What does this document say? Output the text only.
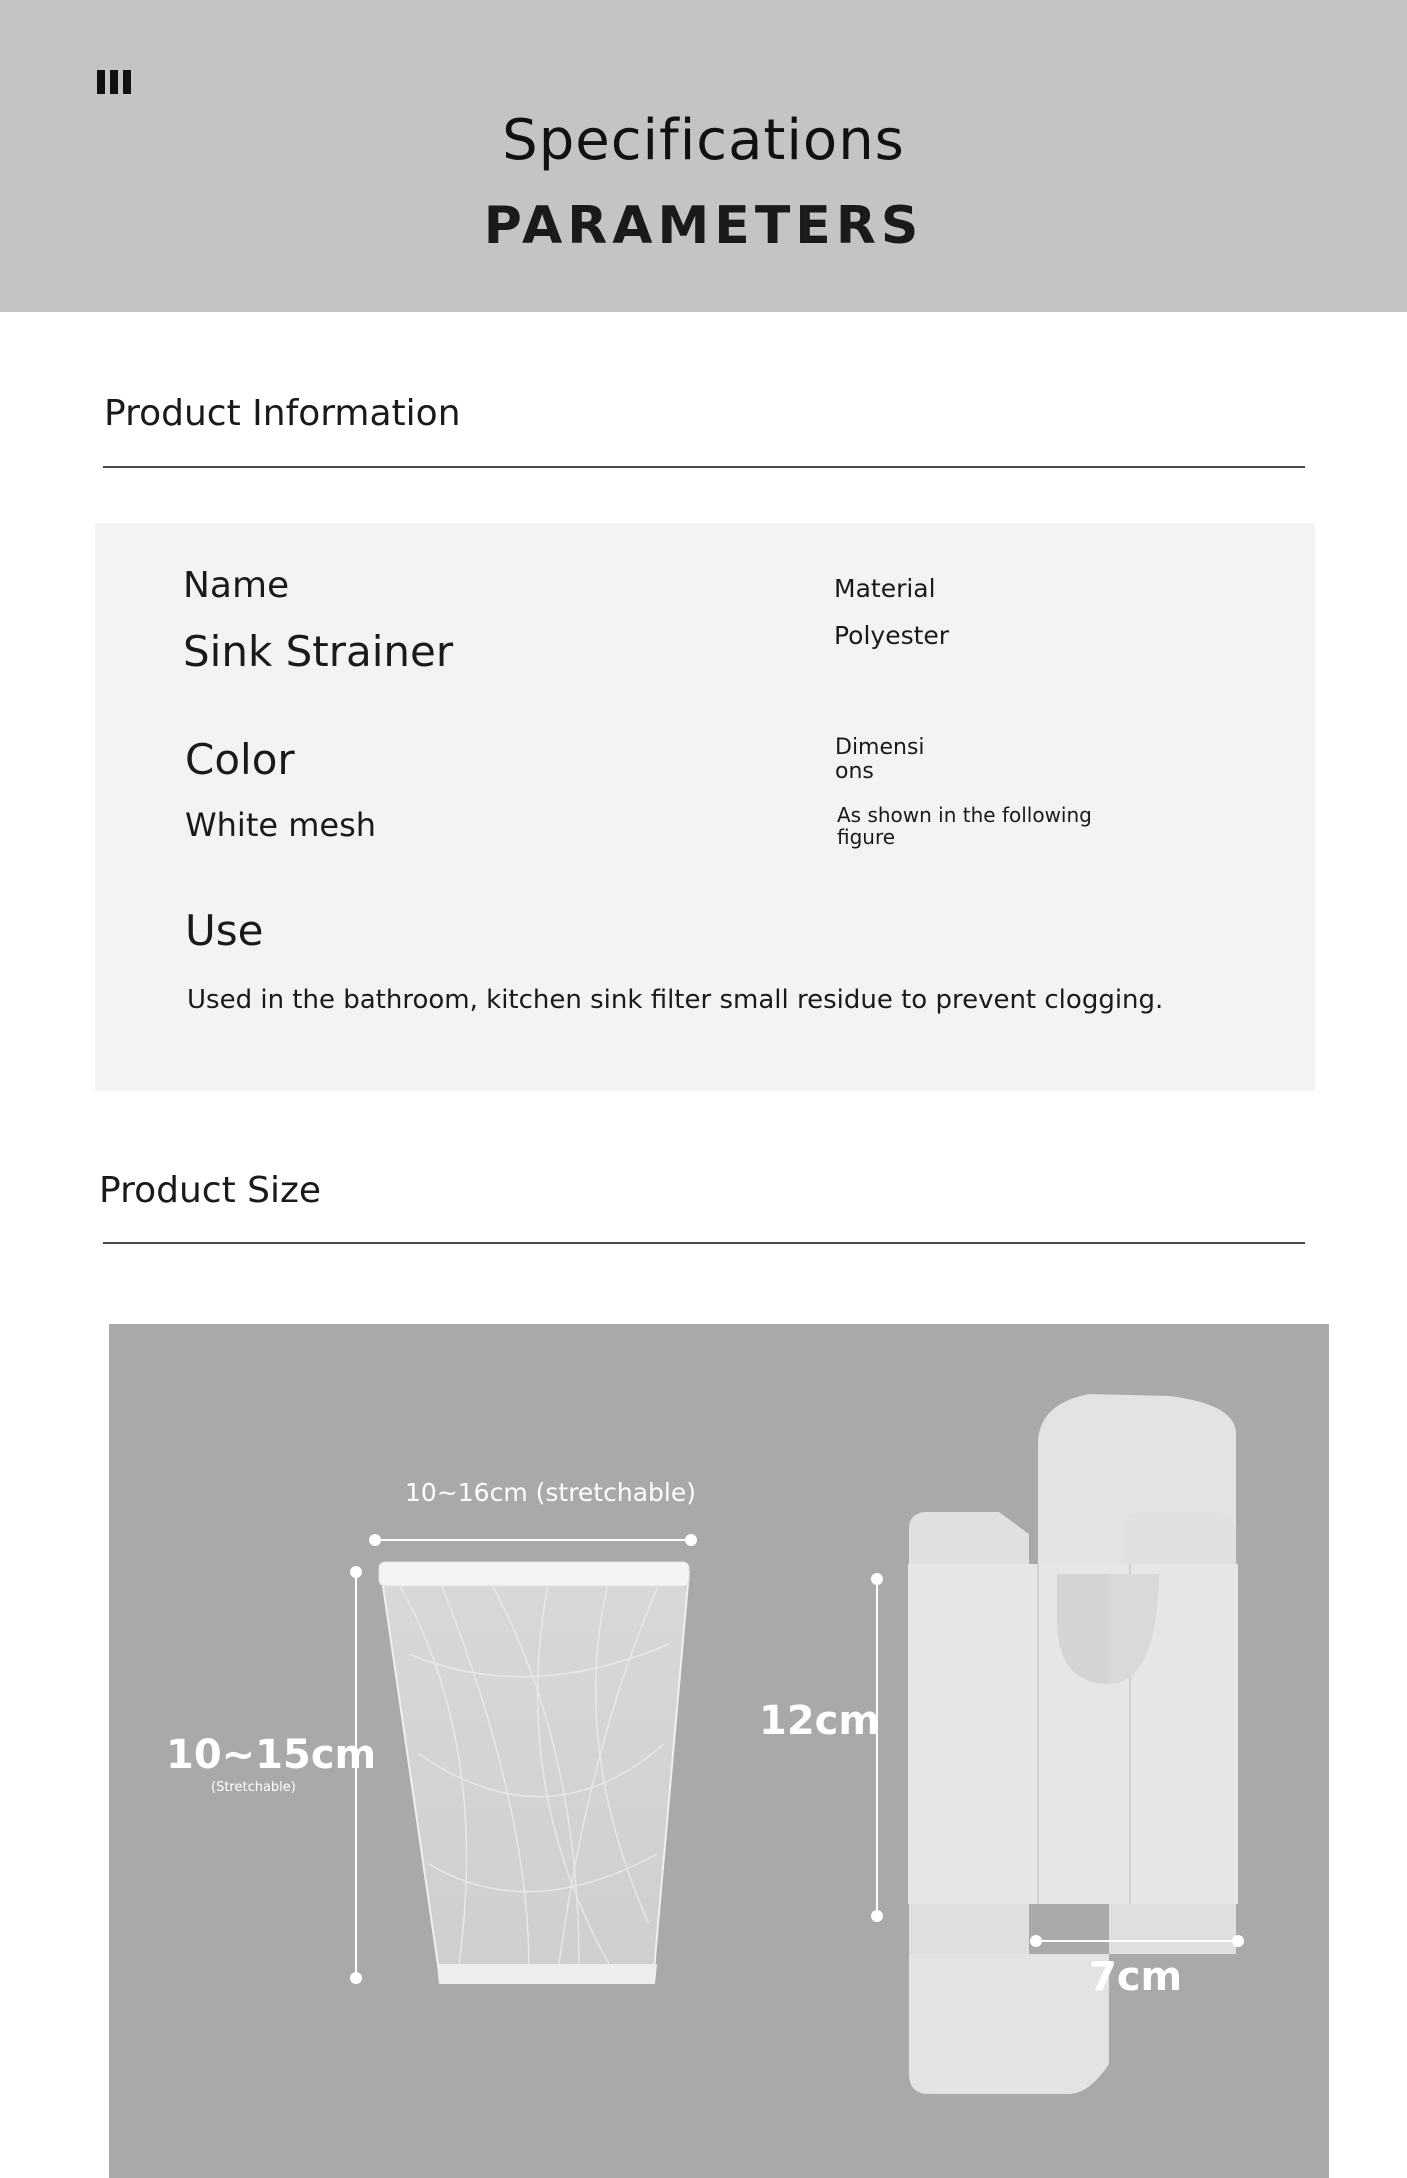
Specifications
PARAMETERS
Product Information
Name
Sink Strainer
Material
Polyester
Color
White mesh
Dimensions
As shown in the following figure
Use
Used in the bathroom, kitchen sink filter small residue to prevent clogging.
Product Size
10~16cm (stretchable)
10~15cm
(Stretchable)
12cm
7cm
